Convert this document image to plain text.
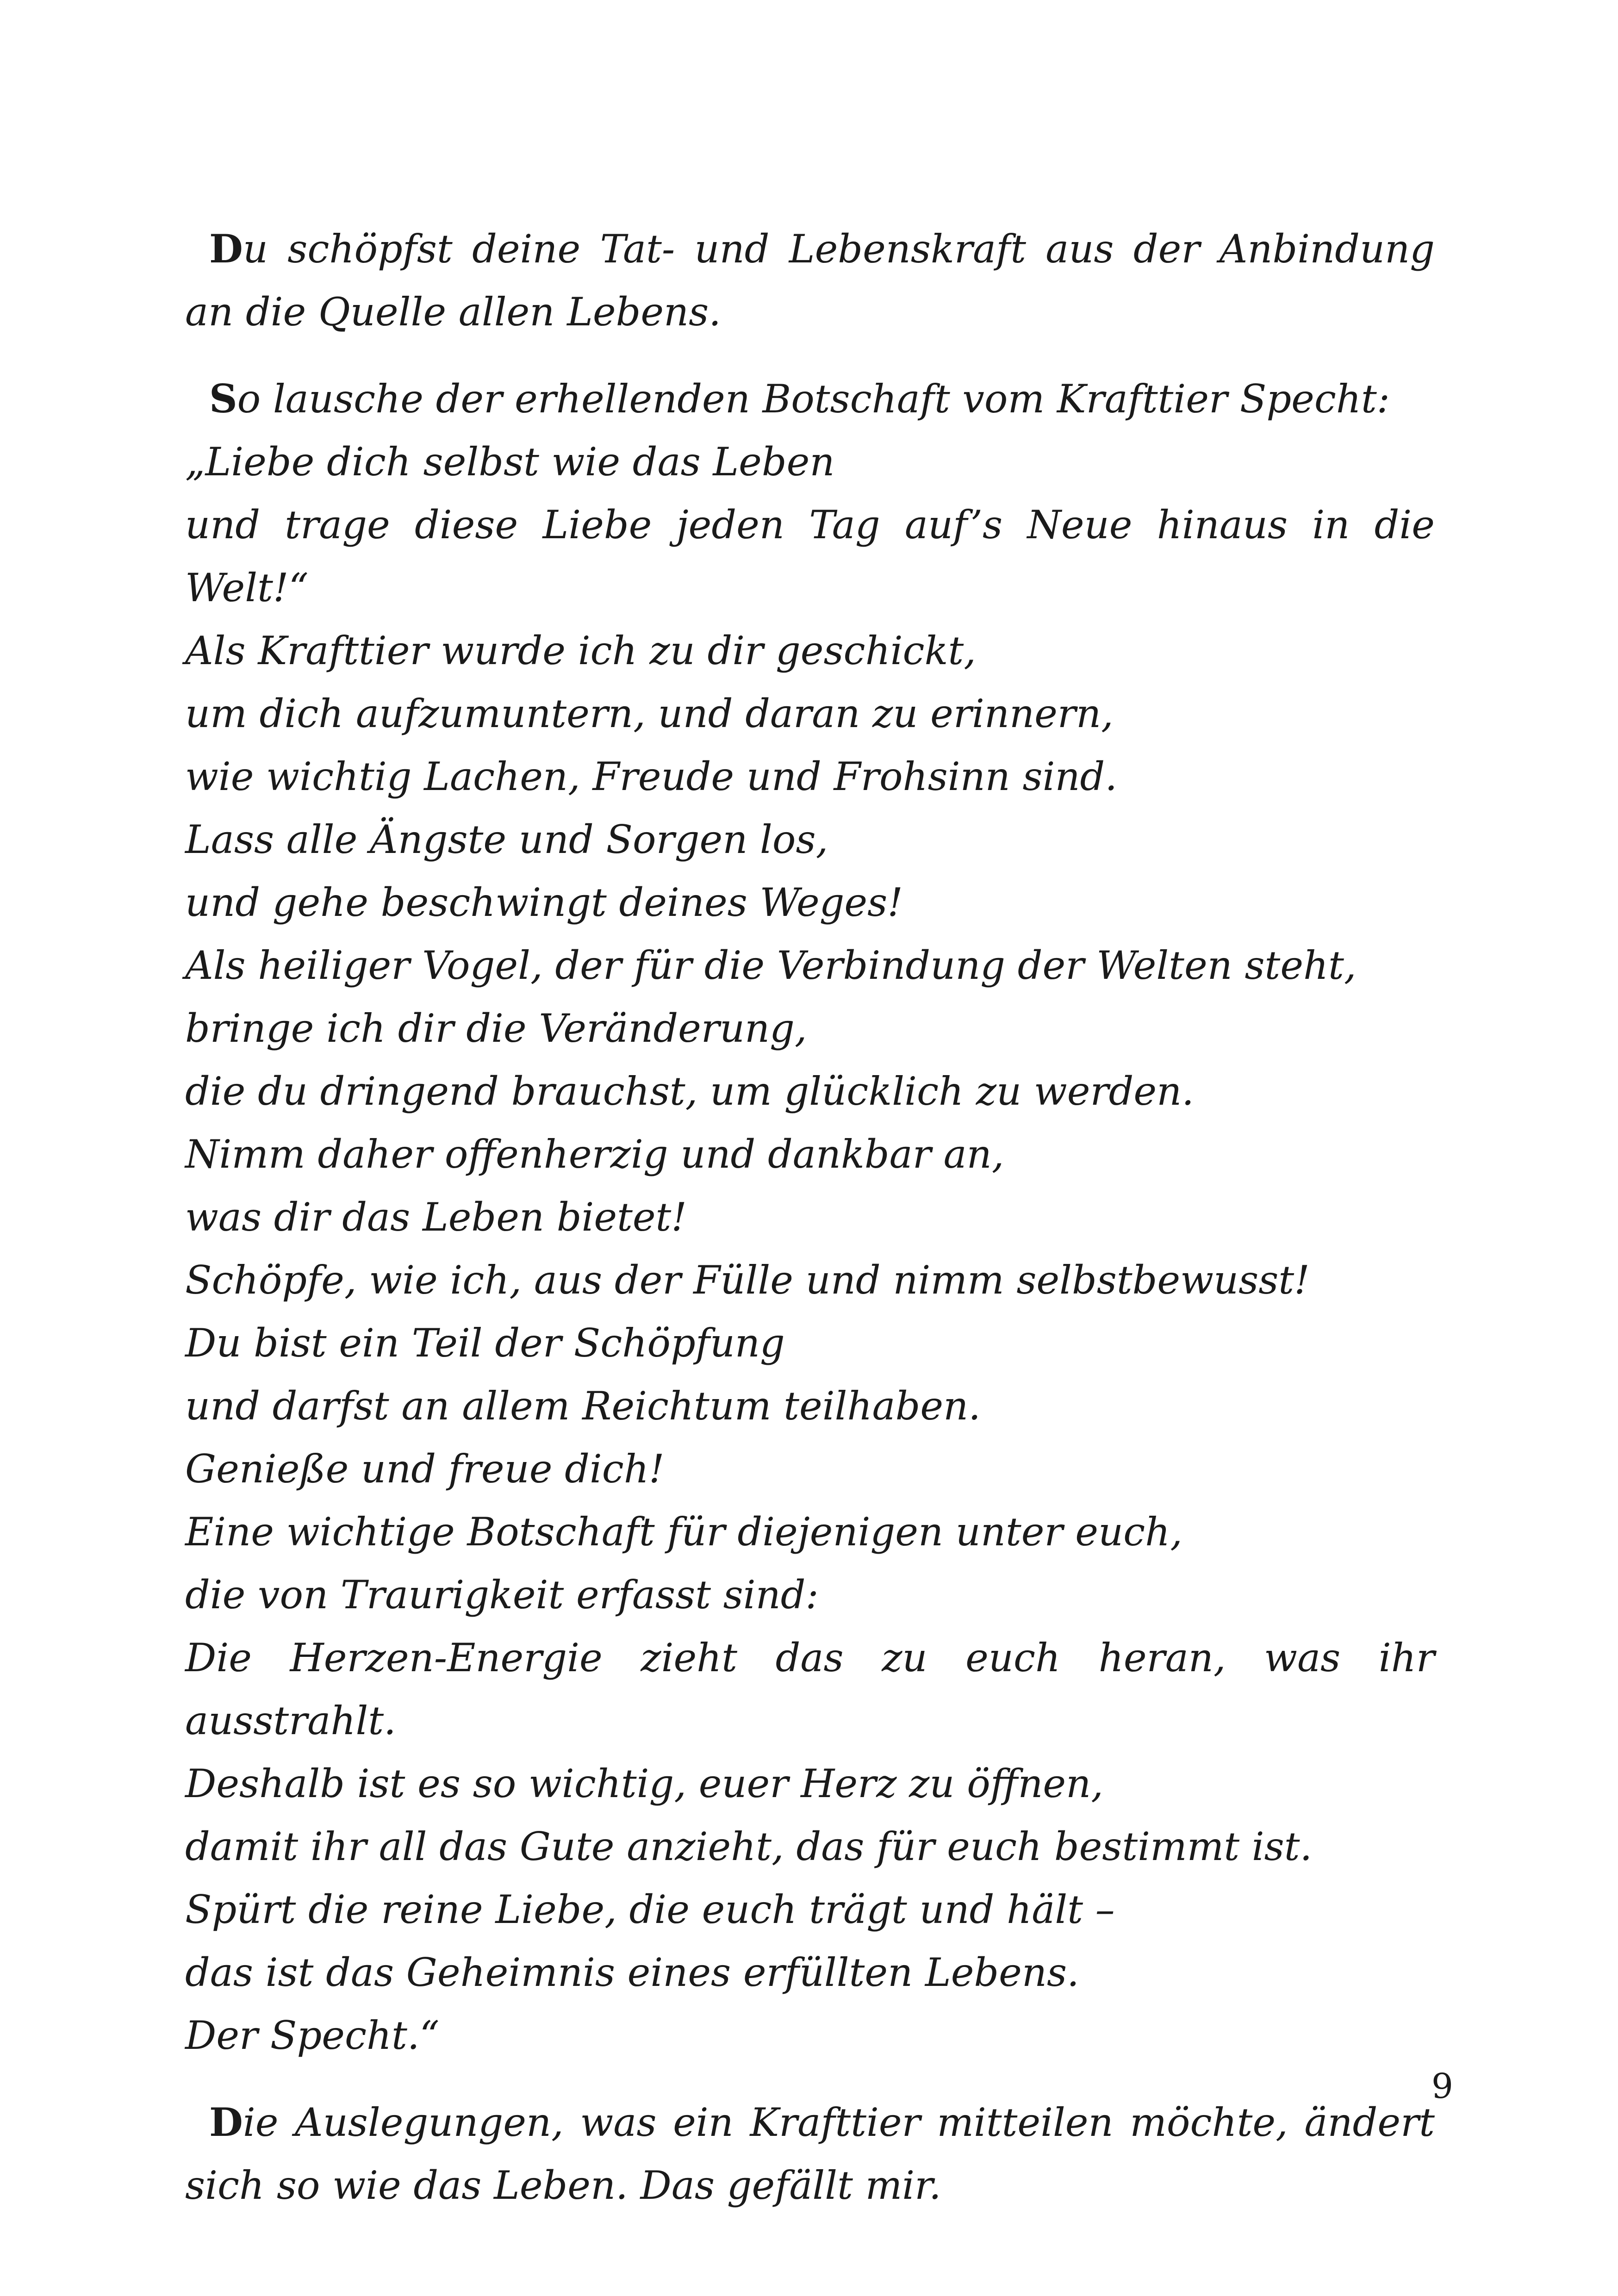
Du schöpfst deine Tat- und Lebenskraft aus der Anbindung an die Quelle allen Lebens.

So lausche der erhellenden Botschaft vom Krafttier Specht:
„Liebe dich selbst wie das Leben
und trage diese Liebe jeden Tag auf’s Neue hinaus in die Welt!“
Als Krafttier wurde ich zu dir geschickt,
um dich aufzumuntern, und daran zu erinnern,
wie wichtig Lachen, Freude und Frohsinn sind.
Lass alle Ängste und Sorgen los,
und gehe beschwingt deines Weges!
Als heiliger Vogel, der für die Verbindung der Welten steht,
bringe ich dir die Veränderung,
die du dringend brauchst, um glücklich zu werden.
Nimm daher offenherzig und dankbar an,
was dir das Leben bietet!
Schöpfe, wie ich, aus der Fülle und nimm selbstbewusst!
Du bist ein Teil der Schöpfung
und darfst an allem Reichtum teilhaben.
Genieße und freue dich!
Eine wichtige Botschaft für diejenigen unter euch,
die von Traurigkeit erfasst sind:
Die Herzen-Energie zieht das zu euch heran, was ihr ausstrahlt.
Deshalb ist es so wichtig, euer Herz zu öffnen,
damit ihr all das Gute anzieht, das für euch bestimmt ist.
Spürt die reine Liebe, die euch trägt und hält –
das ist das Geheimnis eines erfüllten Lebens.
Der Specht.“

Die Auslegungen, was ein Krafttier mitteilen möchte, ändert sich so wie das Leben. Das gefällt mir.

9
